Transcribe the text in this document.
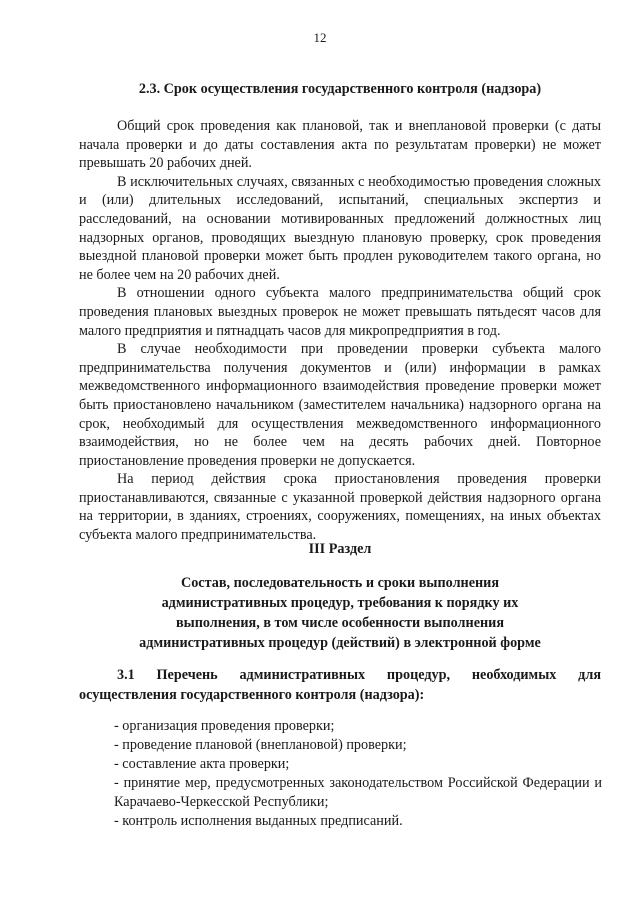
12
2.3. Срок осуществления государственного контроля (надзора)

Общий срок проведения как плановой, так и внеплановой проверки (с даты начала проверки и до даты составления акта по результатам проверки) не может превышать 20 рабочих дней.

В исключительных случаях, связанных с необходимостью проведения сложных и (или) длительных исследований, испытаний, специальных экспертиз и расследований, на основании мотивированных предложений должностных лиц надзорных органов, проводящих выездную плановую проверку, срок проведения выездной плановой проверки может быть продлен руководителем такого органа, но не более чем на 20 рабочих дней.

В отношении одного субъекта малого предпринимательства общий срок проведения плановых выездных проверок не может превышать пятьдесят часов для малого предприятия и пятнадцать часов для микропредприятия в год.

В случае необходимости при проведении проверки субъекта малого предпринимательства получения документов и (или) информации в рамках межведомственного информационного взаимодействия проведение проверки может быть приостановлено начальником (заместителем начальника) надзорного органа на срок, необходимый для осуществления межведомственного информационного взаимодействия, но не более чем на десять рабочих дней. Повторное приостановление проведения проверки не допускается.

На период действия срока приостановления проведения проверки приостанавливаются, связанные с указанной проверкой действия надзорного органа на территории, в зданиях, строениях, сооружениях, помещениях, на иных объектах субъекта малого предпринимательства.

III Раздел
Состав, последовательность и сроки выполнения административных процедур, требования к порядку их выполнения, в том числе особенности выполнения административных процедур (действий) в электронной форме
3.1 Перечень административных процедур, необходимых для осуществления государственного контроля (надзора):
- организация проведения проверки;
- проведение плановой (внеплановой) проверки;
- составление акта проверки;
- принятие мер, предусмотренных законодательством Российской Федерации и Карачаево-Черкесской Республики;
- контроль исполнения выданных предписаний.
